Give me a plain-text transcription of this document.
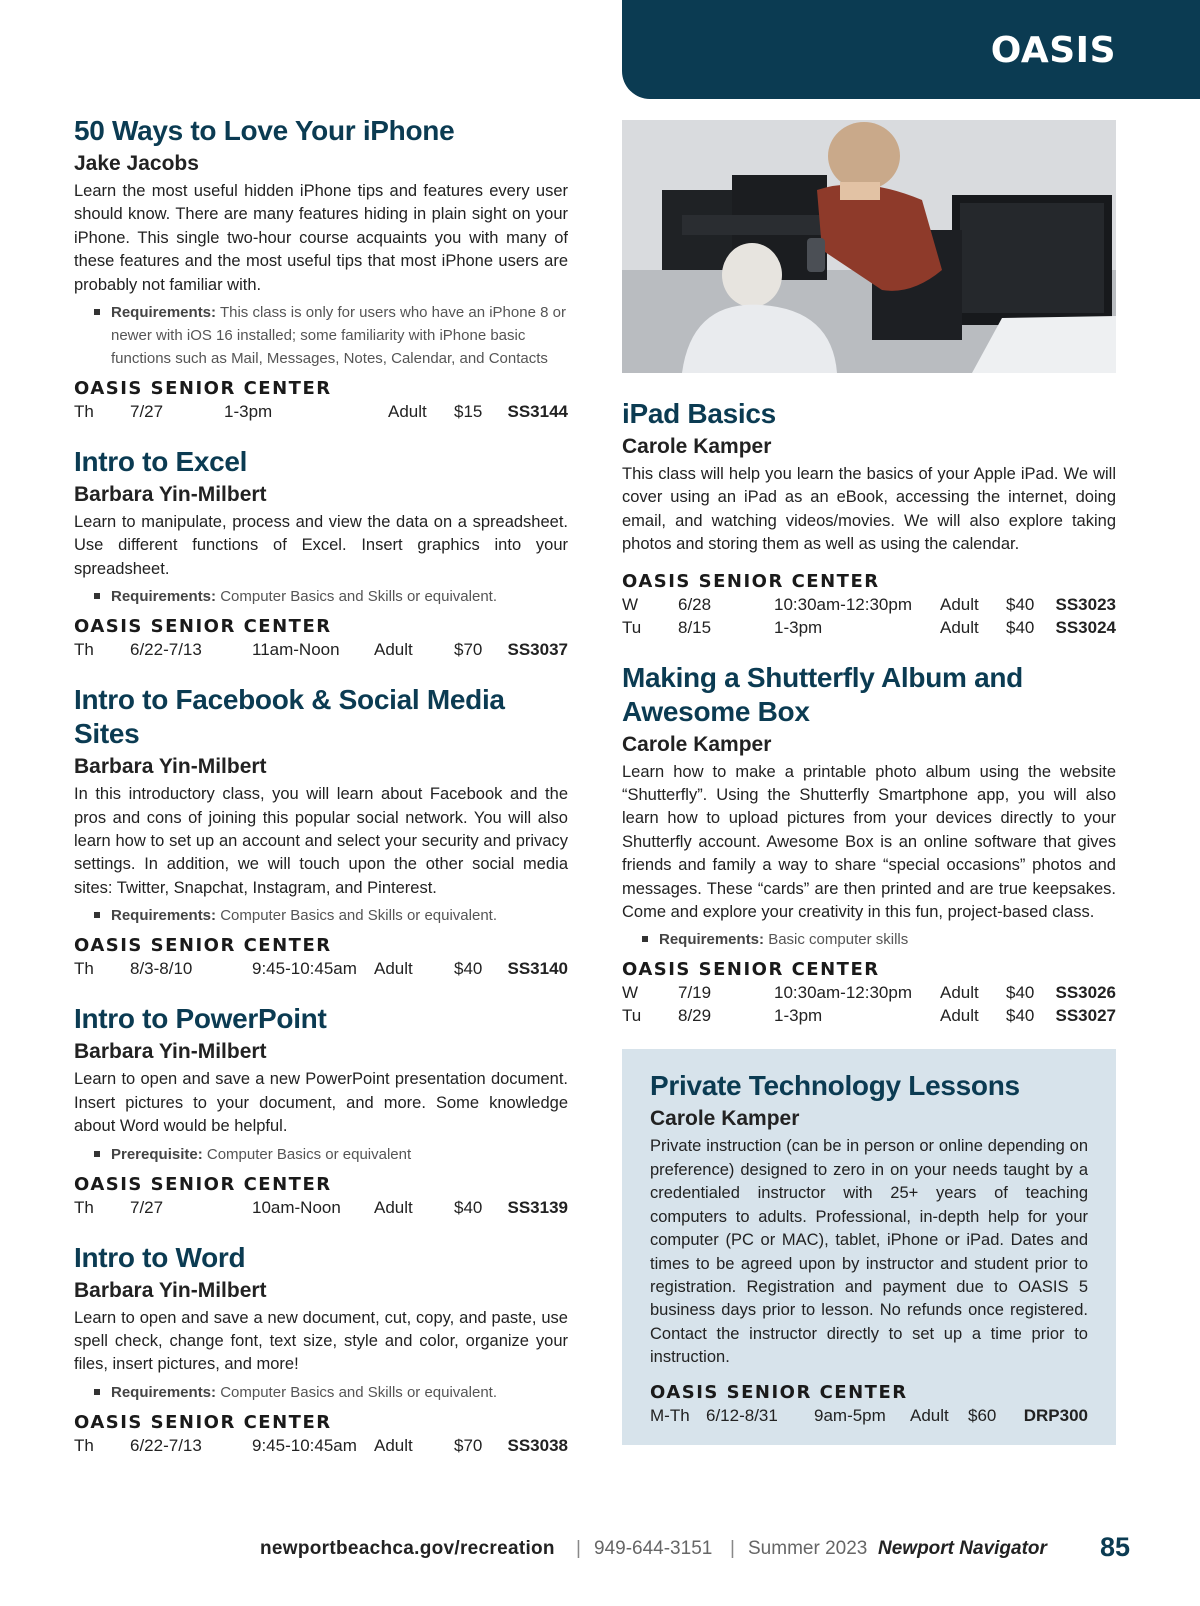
OASIS
50 Ways to Love Your iPhone
Jake Jacobs
Learn the most useful hidden iPhone tips and features every user should know. There are many features hiding in plain sight on your iPhone. This single two-hour course acquaints you with many of these features and the most useful tips that most iPhone users are probably not familiar with.
Requirements: This class is only for users who have an iPhone 8 or newer with iOS 16 installed; some familiarity with iPhone basic functions such as Mail, Messages, Notes, Calendar, and Contacts
OASIS SENIOR CENTER
Th 7/27	1-3pm	Adult $15 SS3144
Intro to Excel
Barbara Yin-Milbert
Learn to manipulate, process and view the data on a spreadsheet. Use different functions of Excel. Insert graphics into your spreadsheet.
Requirements: Computer Basics and Skills or equivalent.
OASIS SENIOR CENTER
Th 6/22-7/13	11am-Noon Adult $70 SS3037
Intro to Facebook & Social Media Sites
Barbara Yin-Milbert
In this introductory class, you will learn about Facebook and the pros and cons of joining this popular social network. You will also learn how to set up an account and select your security and privacy settings. In addition, we will touch upon the other social media sites: Twitter, Snapchat, Instagram, and Pinterest.
Requirements: Computer Basics and Skills or equivalent.
OASIS SENIOR CENTER
Th 8/3-8/10	9:45-10:45am Adult $40 SS3140
Intro to PowerPoint
Barbara Yin-Milbert
Learn to open and save a new PowerPoint presentation document. Insert pictures to your document, and more. Some knowledge about Word would be helpful.
Prerequisite: Computer Basics or equivalent
OASIS SENIOR CENTER
Th 7/27	10am-Noon Adult $40 SS3139
Intro to Word
Barbara Yin-Milbert
Learn to open and save a new document, cut, copy, and paste, use spell check, change font, text size, style and color, organize your files, insert pictures, and more!
Requirements: Computer Basics and Skills or equivalent.
OASIS SENIOR CENTER
Th 6/22-7/13	9:45-10:45am Adult $70 SS3038
iPad Basics
Carole Kamper
This class will help you learn the basics of your Apple iPad. We will cover using an iPad as an eBook, accessing the internet, doing email, and watching videos/movies. We will also explore taking photos and storing them as well as using the calendar.
OASIS SENIOR CENTER
W 6/28	10:30am-12:30pm Adult $40 SS3023
Tu 8/15	1-3pm	Adult $40 SS3024
Making a Shutterfly Album and Awesome Box
Carole Kamper
Learn how to make a printable photo album using the website “Shutterfly”. Using the Shutterfly Smartphone app, you will also learn how to upload pictures from your devices directly to your Shutterfly account. Awesome Box is an online software that gives friends and family a way to share “special occasions” photos and messages. These “cards” are then printed and are true keepsakes. Come and explore your creativity in this fun, project-based class.
Requirements: Basic computer skills
OASIS SENIOR CENTER
W 7/19	10:30am-12:30pm Adult $40 SS3026
Tu 8/29	1-3pm	Adult $40 SS3027
Private Technology Lessons
Carole Kamper
Private instruction (can be in person or online depending on preference) designed to zero in on your needs taught by a credentialed instructor with 25+ years of teaching computers to adults. Professional, in-depth help for your computer (PC or MAC), tablet, iPhone or iPad. Dates and times to be agreed upon by instructor and student prior to registration. Registration and payment due to OASIS 5 business days prior to lesson. No refunds once registered. Contact the instructor directly to set up a time prior to instruction.
OASIS SENIOR CENTER
M-Th 6/12-8/31 9am-5pm Adult $60 DRP300
newportbeachca.gov/recreation | 949-644-3151 | Summer 2023 Newport Navigator 85
